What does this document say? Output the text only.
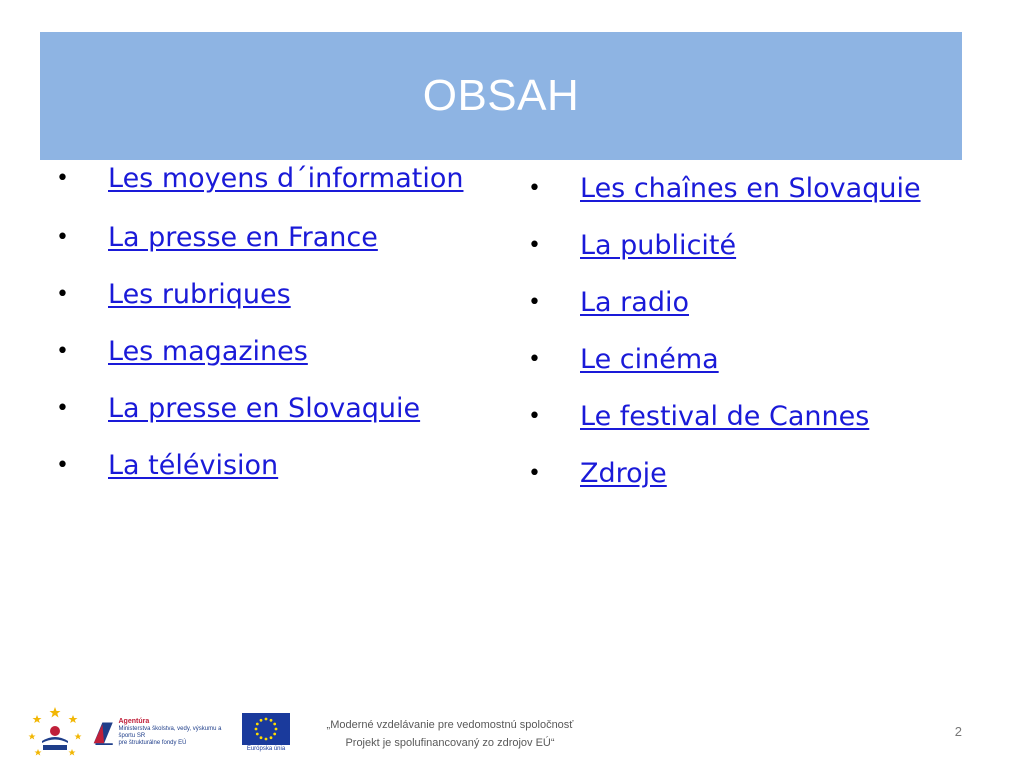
OBSAH
• Les moyens d´information
• La presse en France
• Les rubriques
• Les magazines
• La presse en Slovaquie
• La télévision
• Les chaînes en Slovaquie
• La publicité
• La radio
• Le cinéma
• Le festival de Cannes
• Zdroje
Agentúra
Ministerstva školstva, vedy, výskumu a športu SR
pre štrukturálne fondy EÚ
Európska únia
„Moderné vzdelávanie pre vedomostnú spoločnosť
Projekt je spolufinancovaný zo zdrojov EÚ“
2
